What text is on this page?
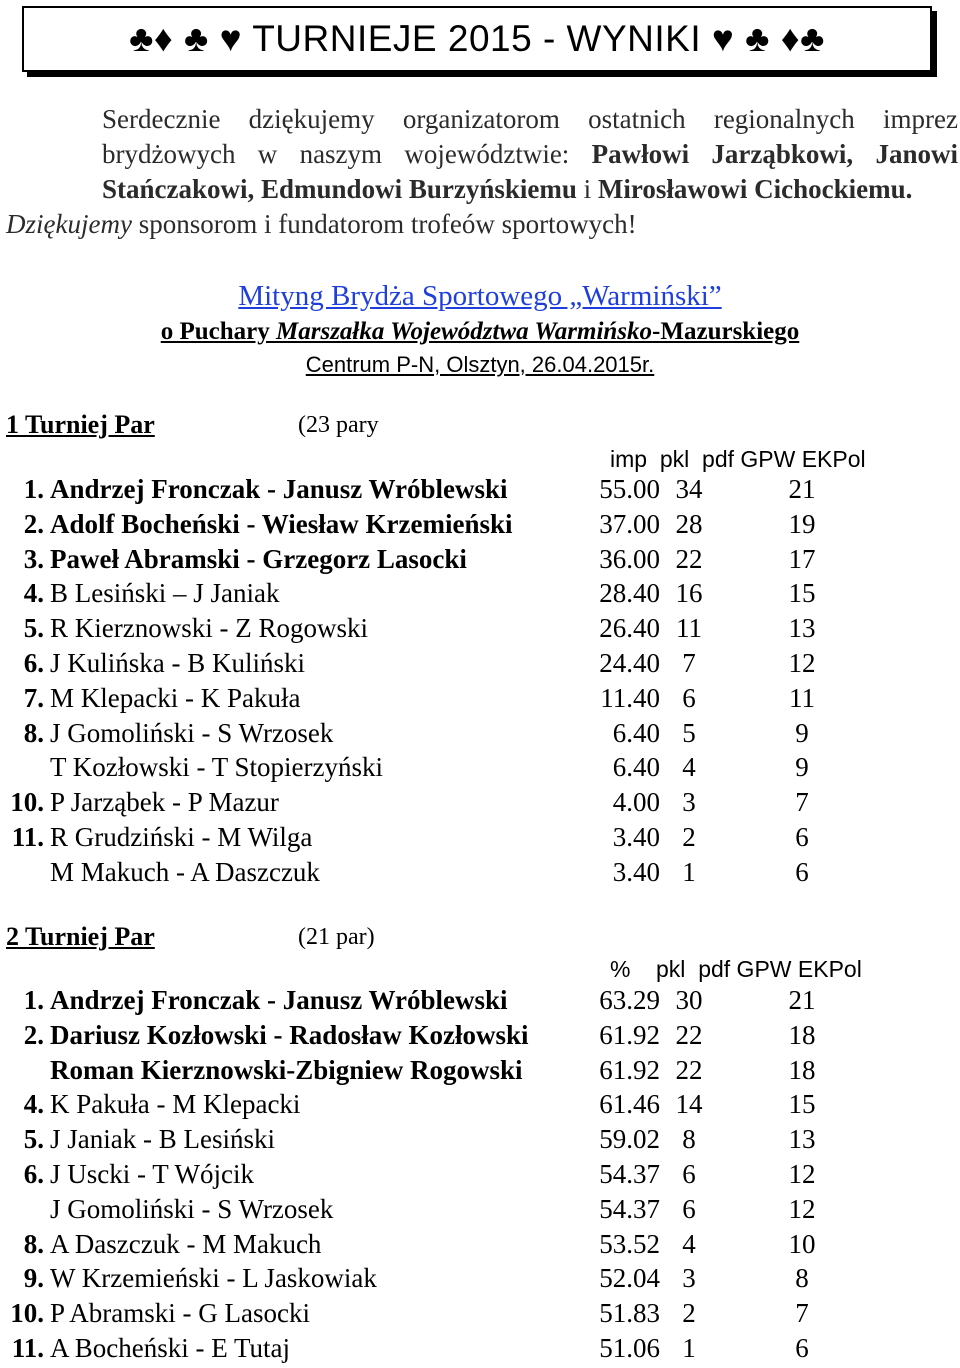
♣♦ ♣ ♥ TURNIEJE 2015 - WYNIKI ♥ ♣ ♦♣

Serdecznie dziękujemy organizatorom ostatnich regionalnych imprez brydżowych w naszym województwie: Pawłowi Jarząbkowi, Janowi Stańczakowi, Edmundowi Burzyńskiemu i Mirosławowi Cichockiemu.

Dziękujemy sponsorom i fundatorom trofeów sportowych!

Mityng Brydża Sportowego „Warmiński”
o Puchary Marszałka Województwa Warmińsko-Mazurskiego
Centrum P-N, Olsztyn, 26.04.2015r.
1 Turniej Par	(23 pary
imp  pkl  pdf GPW EKPol
1. Andrzej Fronczak - Janusz Wróblewski	55.00 34	21
2. Adolf Bocheński - Wiesław Krzemieński	37.00 28	19
3. Paweł Abramski - Grzegorz Lasocki	36.00 22	17
4. B Lesiński – J Janiak	28.40 16	15
5. R Kierznowski - Z Rogowski	26.40 11	13
6. J Kulińska - B Kuliński	24.40 7	12
7. M Klepacki - K Pakuła	11.40 6	11
8. J Gomoliński - S Wrzosek	6.40 5	9
T Kozłowski - T Stopierzyński	6.40 4	9
10. P Jarząbek - P Mazur	4.00 3	7
11. R Grudziński - M Wilga	3.40 2	6
M Makuch - A Daszczuk	3.40 1	6
2 Turniej Par	(21 par)
%    pkl  pdf GPW EKPol
1. Andrzej Fronczak - Janusz Wróblewski	63.29 30	21
2. Dariusz Kozłowski - Radosław Kozłowski	61.92 22	18
Roman Kierznowski-Zbigniew Rogowski	61.92 22	18
4. K Pakuła - M Klepacki	61.46 14	15
5. J Janiak - B Lesiński	59.02 8	13
6. J Uscki - T Wójcik	54.37 6	12
J Gomoliński - S Wrzosek	54.37 6	12
8. A Daszczuk - M Makuch	53.52 4	10
9. W Krzemieński - L Jaskowiak	52.04 3	8
10. P Abramski - G Lasocki	51.83 2	7
11. A Bocheński - E Tutaj	51.06 1	6
